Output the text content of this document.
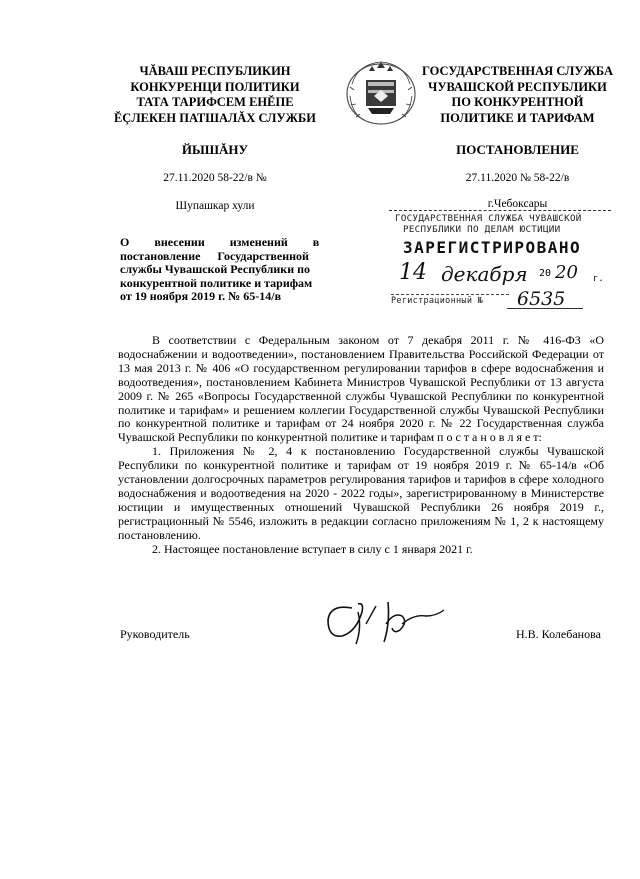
ЧĂВАШ РЕСПУБЛИКИН
КОНКУРЕНЦИ ПОЛИТИКИ
ТАТА ТАРИФСЕМ ЕНĔПЕ
ĔÇЛЕКЕН ПАТШАЛĂХ СЛУЖБИ
ГОСУДАРСТВЕННАЯ СЛУЖБА
ЧУВАШСКОЙ РЕСПУБЛИКИ
ПО КОНКУРЕНТНОЙ
ПОЛИТИКЕ И ТАРИФАМ
ЙЫШĂНУ	ПОСТАНОВЛЕНИЕ
27.11.2020 58-22/в №	27.11.2020 № 58-22/в
Шупашкар хули	г.Чебоксары
О внесении изменений в
постановление Государственной
службы Чувашской Республики по
конкурентной политике и тарифам
от 19 ноября 2019 г. № 65-14/в
ГОСУДАРСТВЕННАЯ СЛУЖБА ЧУВАШСКОЙ
РЕСПУБЛИКИ ПО ДЕЛАМ ЮСТИЦИИ
ЗАРЕГИСТРИРОВАНО
14 декабря 20 20 г.
Регистрационный № 6535

В соответствии с Федеральным законом от 7 декабря 2011 г. № 416-ФЗ «О водоснабжении и водоотведении», постановлением Правительства Российской Федерации от 13 мая 2013 г. № 406 «О государственном регулировании тарифов в сфере водоснабжения и водоотведения», постановлением Кабинета Министров Чувашской Республики от 13 августа 2009 г. № 265 «Вопросы Государственной службы Чувашской Республики по конкурентной политике и тарифам» и решением коллегии Государственной службы Чувашской Республики по конкурентной политике и тарифам от 24 ноября 2020 г. № 22 Государственная служба Чувашской Республики по конкурентной политике и тарифам п о с т а н о в л я е т:

1. Приложения № 2, 4 к постановлению Государственной службы Чувашской Республики по конкурентной политике и тарифам от 19 ноября 2019 г. № 65-14/в «Об установлении долгосрочных параметров регулирования тарифов и тарифов в сфере холодного водоснабжения и водоотведения на 2020 - 2022 годы», зарегистрированному в Министерстве юстиции и имущественных отношений Чувашской Республики 26 ноября 2019 г., регистрационный № 5546, изложить в редакции согласно приложениям № 1, 2 к настоящему постановлению.

2. Настоящее постановление вступает в силу с 1 января 2021 г.

Руководитель	Н.В. Колебанова
